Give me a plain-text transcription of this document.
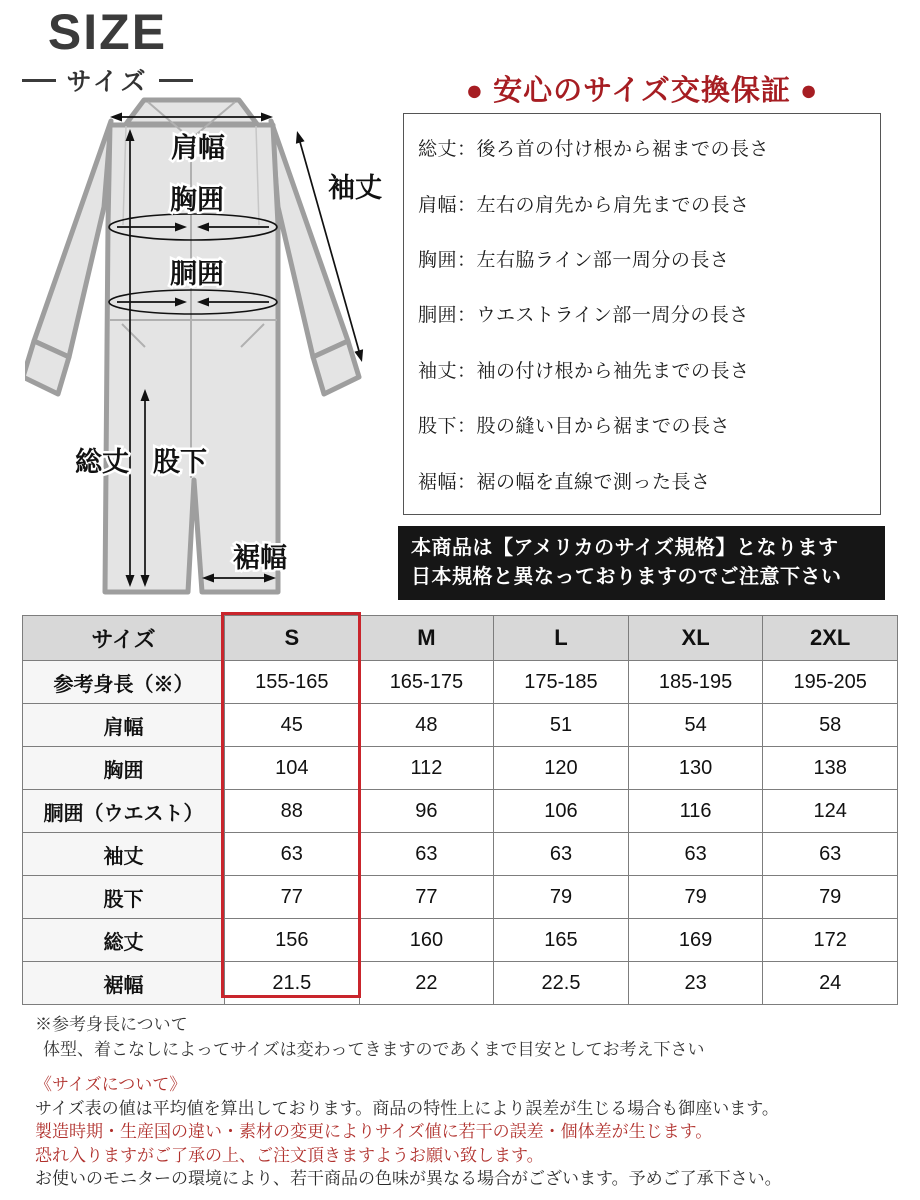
SIZE
サイズ	● 安心のサイズ交換保証 ●
総丈：後ろ首の付け根から裾までの長さ
肩幅：左右の肩先から肩先までの長さ
胸囲：左右脇ライン部一周分の長さ
胴囲：ウエストライン部一周分の長さ
袖丈：袖の付け根から袖先までの長さ
股下：股の縫い目から裾までの長さ
裾幅：裾の幅を直線で測った長さ
本商品は【アメリカのサイズ規格】となります
日本規格と異なっておりますのでご注意下さい
肩幅
袖丈
胸囲
胴囲
総丈 股下
裾幅
サイズ	S	M	L	XL	2XL
参考身長（※）	155-165	165-175	175-185	185-195	195-205
肩幅	45	48	51	54	58
胸囲	104	112	120	130	138
胴囲（ウエスト）	88	96	106	116	124
袖丈	63	63	63	63	63
股下	77	77	79	79	79
総丈	156	160	165	169	172
裾幅	21.5	22	22.5	23	24
※参考身長について
体型、着こなしによってサイズは変わってきますのであくまで目安としてお考え下さい
《サイズについて》
サイズ表の値は平均値を算出しております。商品の特性上により誤差が生じる場合も御座います。
製造時期・生産国の違い・素材の変更によりサイズ値に若干の誤差・個体差が生じます。
恐れ入りますがご了承の上、ご注文頂きますようお願い致します。
お使いのモニターの環境により、若干商品の色味が異なる場合がございます。予めご了承下さい。
